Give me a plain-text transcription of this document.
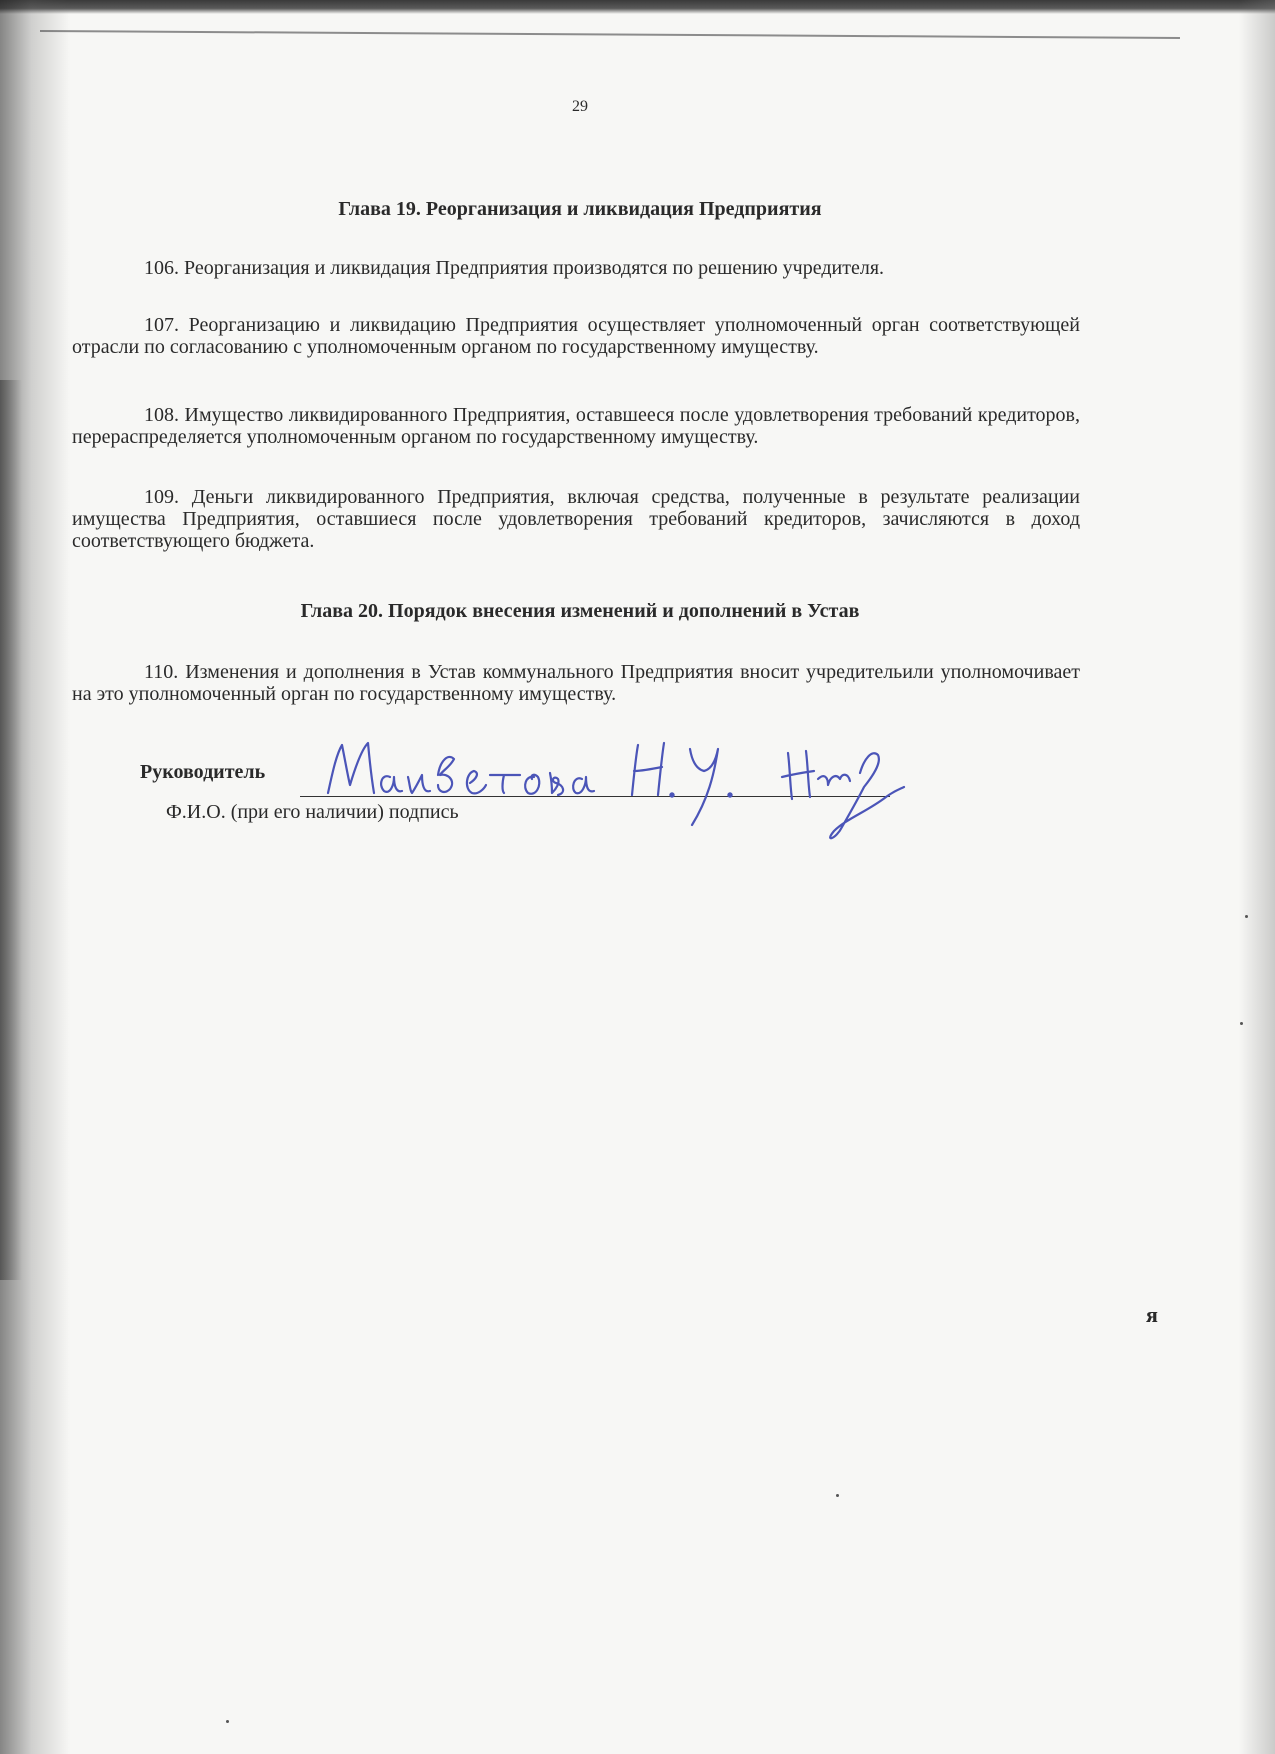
29
Глава 19. Реорганизация и ликвидация Предприятия
106. Реорганизация и ликвидация Предприятия производятся по решению учредителя.
107. Реорганизацию и ликвидацию Предприятия осуществляет уполномоченный орган соответствующей отрасли по согласованию с уполномоченным органом по государственному имуществу.
108. Имущество ликвидированного Предприятия, оставшееся после удовлетворения требований кредиторов, перераспределяется уполномоченным органом по государственному имуществу.
109. Деньги ликвидированного Предприятия, включая средства, полученные в результате реализации имущества Предприятия, оставшиеся после удовлетворения требований кредиторов, зачисляются в доход соответствующего бюджета.
Глава 20. Порядок внесения изменений и дополнений в Устав
110. Изменения и дополнения в Устав коммунального Предприятия вносит учредительили уполномочивает на это уполномоченный орган по государственному имуществу.
Руководитель
Ф.И.О. (при его наличии) подпись
я
